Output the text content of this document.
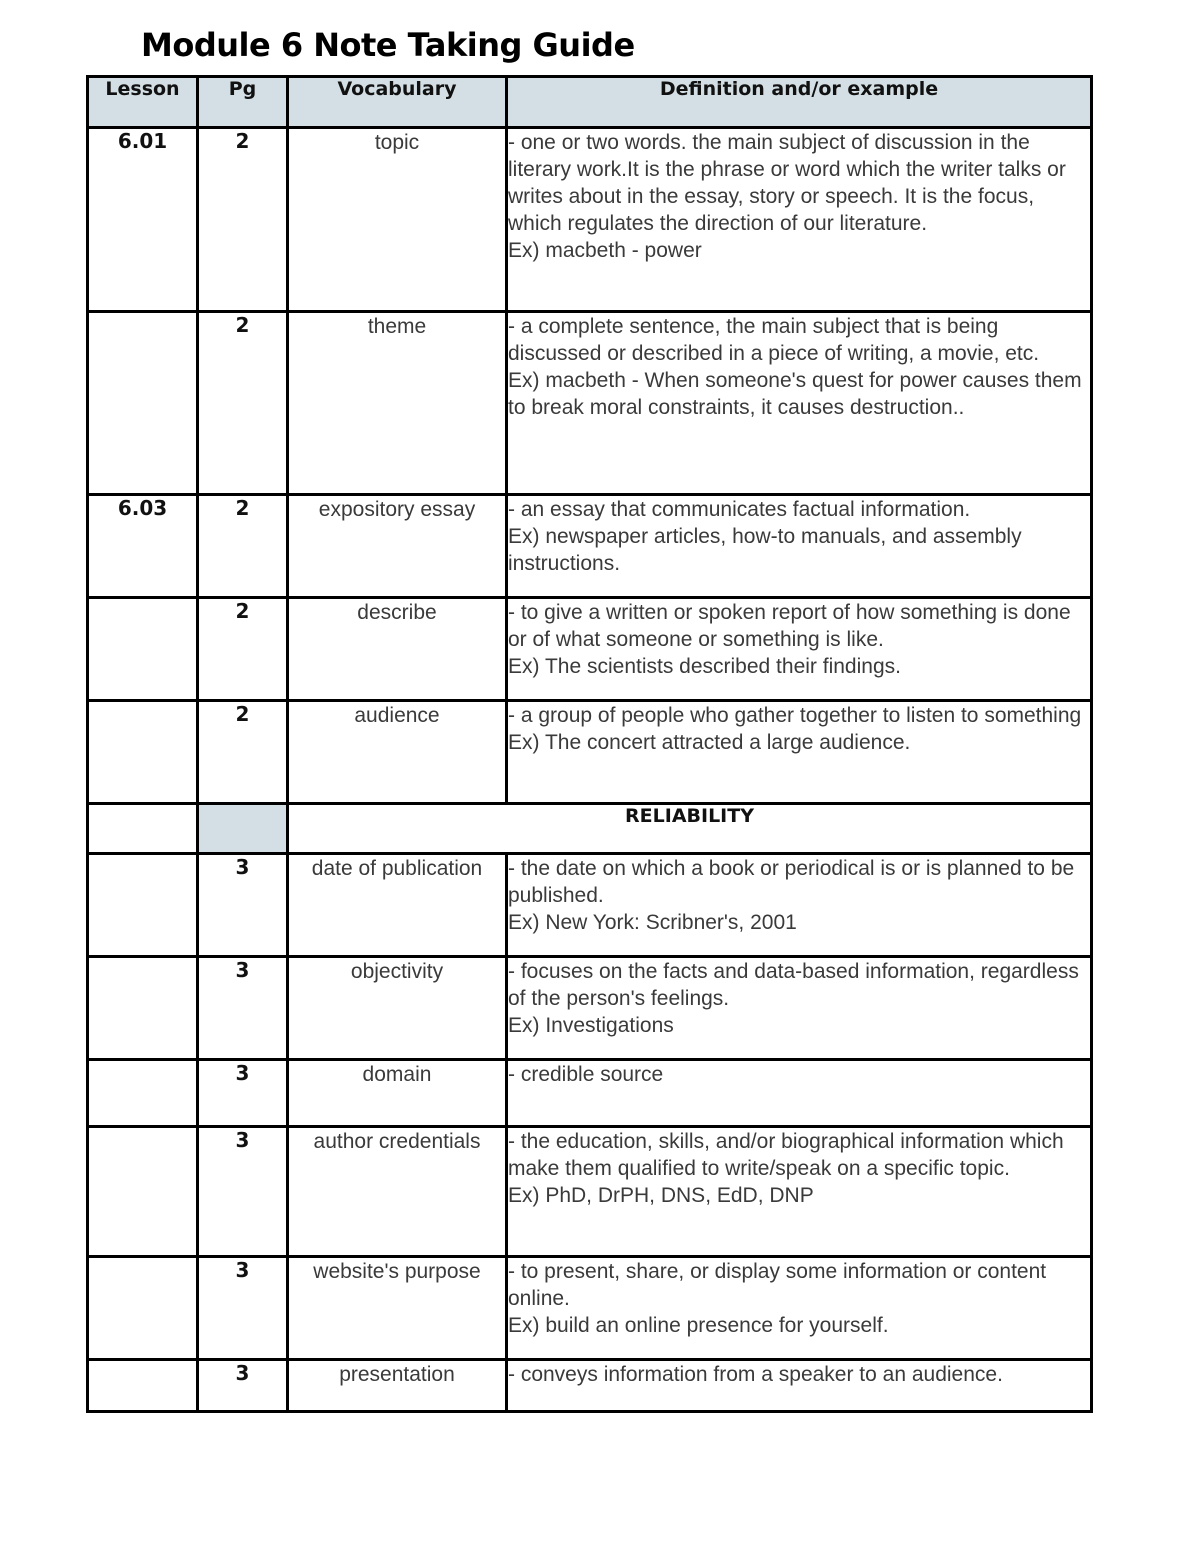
Module 6 Note Taking Guide
Lesson	Pg	Vocabulary	Definition and/or example
6.01	2	topic	- one or two words. the main subject of discussion in the literary work.It is the phrase or word which the writer talks or writes about in the essay, story or speech. It is the focus, which regulates the direction of our literature.
Ex) macbeth - power

	2	theme	- a complete sentence, the main subject that is being discussed or described in a piece of writing, a movie, etc.
Ex) macbeth - When someone's quest for power causes them to break moral constraints, it causes destruction..

6.03	2	expository essay	- an essay that communicates factual information.
Ex) newspaper articles, how-to manuals, and assembly instructions.

	2	describe	- to give a written or spoken report of how something is done or of what someone or something is like.
Ex) The scientists described their findings.

	2	audience	- a group of people who gather together to listen to something
Ex) The concert attracted a large audience.

		RELIABILITY	
	3	date of publication	- the date on which a book or periodical is or is planned to be published.
Ex) New York: Scribner's, 2001

	3	objectivity	- focuses on the facts and data-based information, regardless of the person's feelings.
Ex) Investigations

	3	domain	- credible source

	3	author credentials	- the education, skills, and/or biographical information which make them qualified to write/speak on a specific topic.
Ex) PhD, DrPH, DNS, EdD, DNP

	3	website's purpose	- to present, share, or display some information or content online.
Ex) build an online presence for yourself.

	3	presentation	- conveys information from a speaker to an audience.
